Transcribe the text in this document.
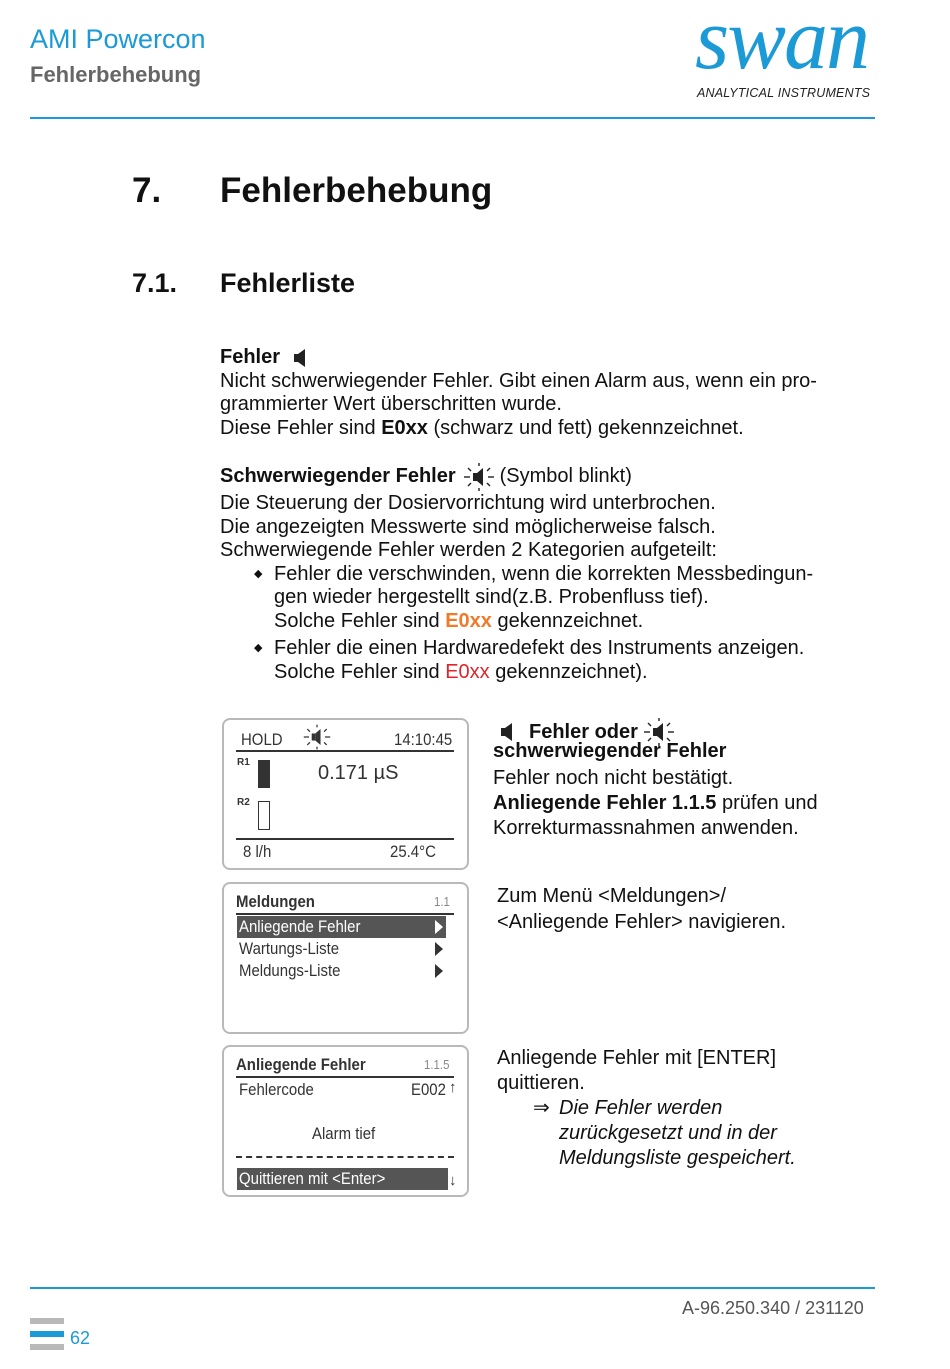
AMI Powercon
Fehlerbehebung	swan
ANALYTICAL INSTRUMENTS
7. Fehlerbehebung
7.1. Fehlerliste
Fehler
Nicht schwerwiegender Fehler. Gibt einen Alarm aus, wenn ein pro-
grammierter Wert überschritten wurde.
Diese Fehler sind E0xx (schwarz und fett) gekennzeichnet.
Schwerwiegender Fehler (Symbol blinkt)
Die Steuerung der Dosiervorrichtung wird unterbrochen.
Die angezeigten Messwerte sind möglicherweise falsch.
Schwerwiegende Fehler werden 2 Kategorien aufgeteilt:
◆ Fehler die verschwinden, wenn die korrekten Messbedingun-
gen wieder hergestellt sind(z.B. Probenfluss tief).
Solche Fehler sind E0xx gekennzeichnet.
◆ Fehler die einen Hardwaredefekt des Instruments anzeigen.
Solche Fehler sind E0xx gekennzeichnet).
HOLD	14:10:45
R1	0.171 µS
R2
8 l/h	25.4°C
Fehler oder
schwerwiegender Fehler
Fehler noch nicht bestätigt.
Anliegende Fehler 1.1.5 prüfen und
Korrekturmassnahmen anwenden.
Meldungen	1.1
Anliegende Fehler
Wartungs-Liste
Meldungs-Liste
Zum Menü <Meldungen>/
<Anliegende Fehler> navigieren.
Anliegende Fehler	1.1.5
Fehlercode	E002 ↑
Alarm tief
Quittieren mit <Enter>	↓
Anliegende Fehler mit [ENTER]
quittieren.
⇒ Die Fehler werden
zurückgesetzt und in der
Meldungsliste gespeichert.
A-96.250.340 / 231120
62
